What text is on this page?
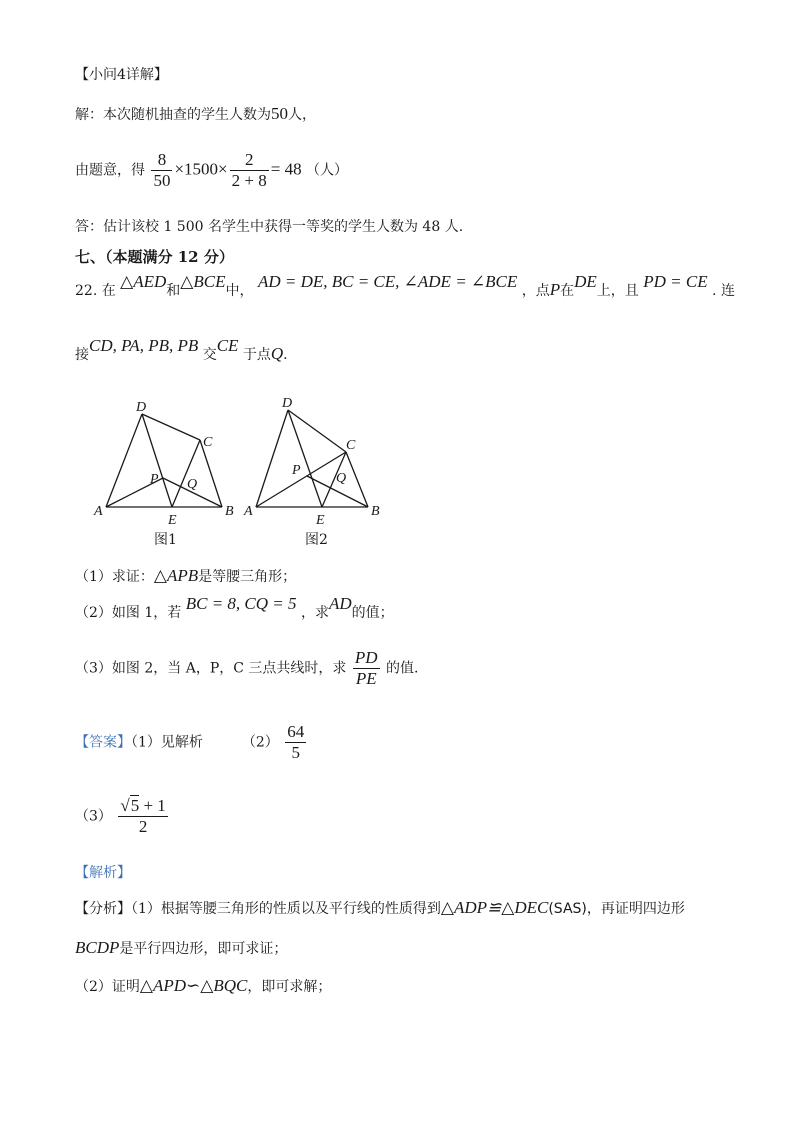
【小问4详解】
解：本次随机抽查的学生人数为50人，
由题意，得 $\frac{8}{50} \times 1500\times \frac{2}{2 + 8} = 48$ （人）
答：估计该校 1 500 名学生中获得一等奖的学生人数为 48 人.
七、（本题满分 12 分）
22. 在 △AED和△BCE中， AD = DE, BC = CE, ∠ADE = ∠BCE ，点P在DE上，且 PD = CE . 连
接CD, PA, PB, PB 交CE 于点Q.
A	B
C
D
E
P Q
图1
A	B
C
D
E
P
Q
图2
（1）求证：△APB是等腰三角形；
（2）如图 1，若 BC = 8, CQ = 5 ，求AD的值；
（3）如图 2，当 A，P，C 三点共线时，求 $\frac{PD}{PE}$ 的值.
【答案】（1）见解析	$(2) \frac{64}{5}$
$(3) \frac{√5 + 1}{2}$
【解析】
【分析】（1）根据等腰三角形的性质以及平行线的性质得到△ADP≌△DEC(SAS)，再证明四边形
BCDP是平行四边形，即可求证；
（2）证明△APD∽△BQC，即可求解；
